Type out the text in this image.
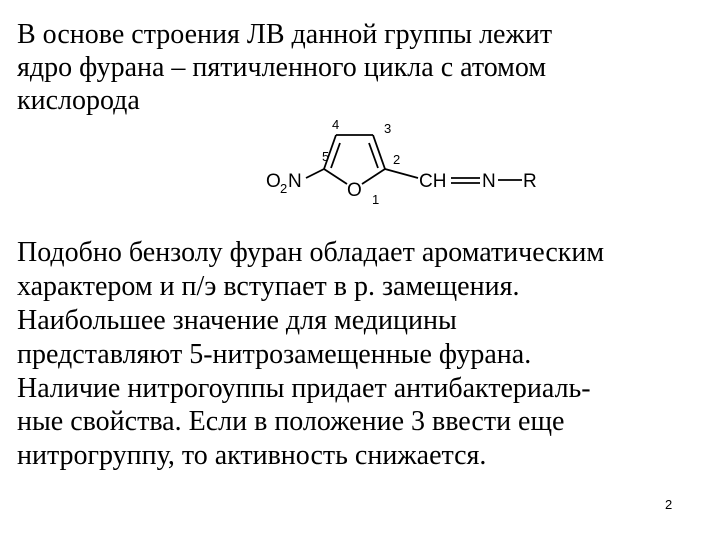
В основе строения ЛВ данной группы лежит
ядро фурана – пятичленного цикла с атомом
кислорода

O 2 N O	CH N R
4	3
5	2
1

Подобно бензолу фуран обладает ароматическим
характером и п/э вступает в р. замещения.
Наибольшее значение для медицины
представляют 5-нитрозамещенные фурана.
Наличие нитрогоуппы придает антибактериаль-
ные свойства. Если в положение 3 ввести еще
нитрогруппу, то активность снижается.

2
